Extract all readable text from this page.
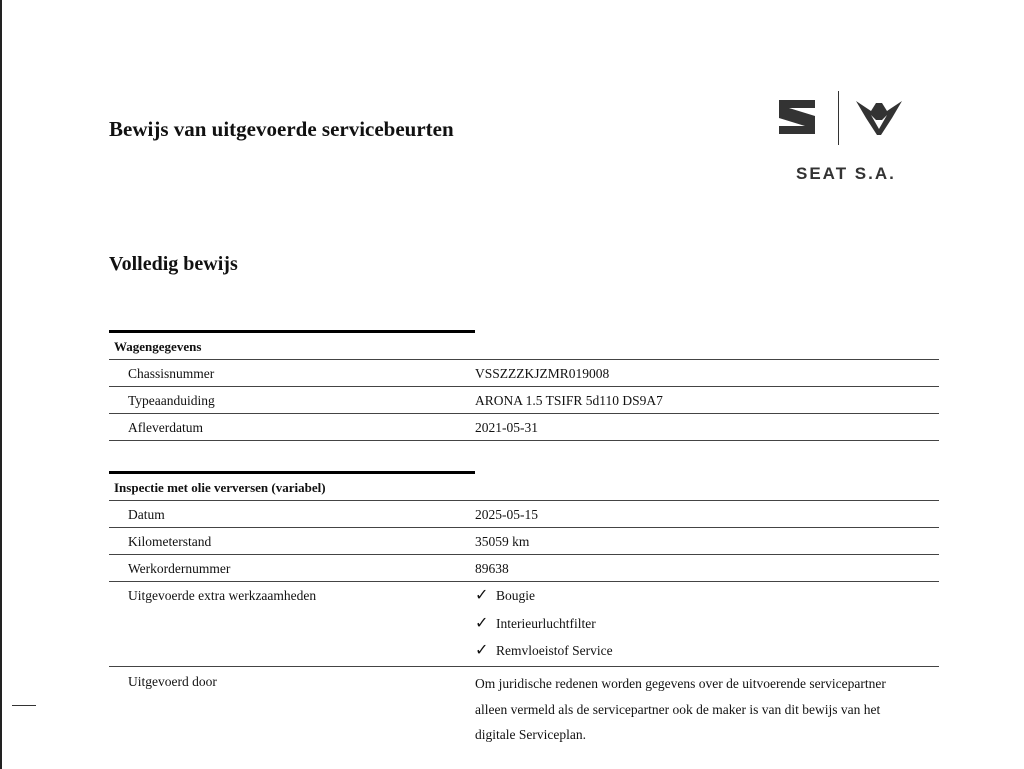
Bewijs van uitgevoerde servicebeurten
SEAT S.A.
Volledig bewijs
Wagengegevens
Chassisnummer	VSSZZZKJZMR019008
Typeaanduiding	ARONA 1.5 TSIFR 5d110 DS9A7
Afleverdatum	2021-05-31
Inspectie met olie verversen (variabel)
Datum	2025-05-15
Kilometerstand	35059 km
Werkordernummer	89638
Uitgevoerde extra werkzaamheden	✓ Bougie
✓ Interieurluchtfilter
✓ Remvloeistof Service
Uitgevoerd door	Om juridische redenen worden gegevens over de uitvoerende servicepartner
alleen vermeld als de servicepartner ook de maker is van dit bewijs van het
digitale Serviceplan.
